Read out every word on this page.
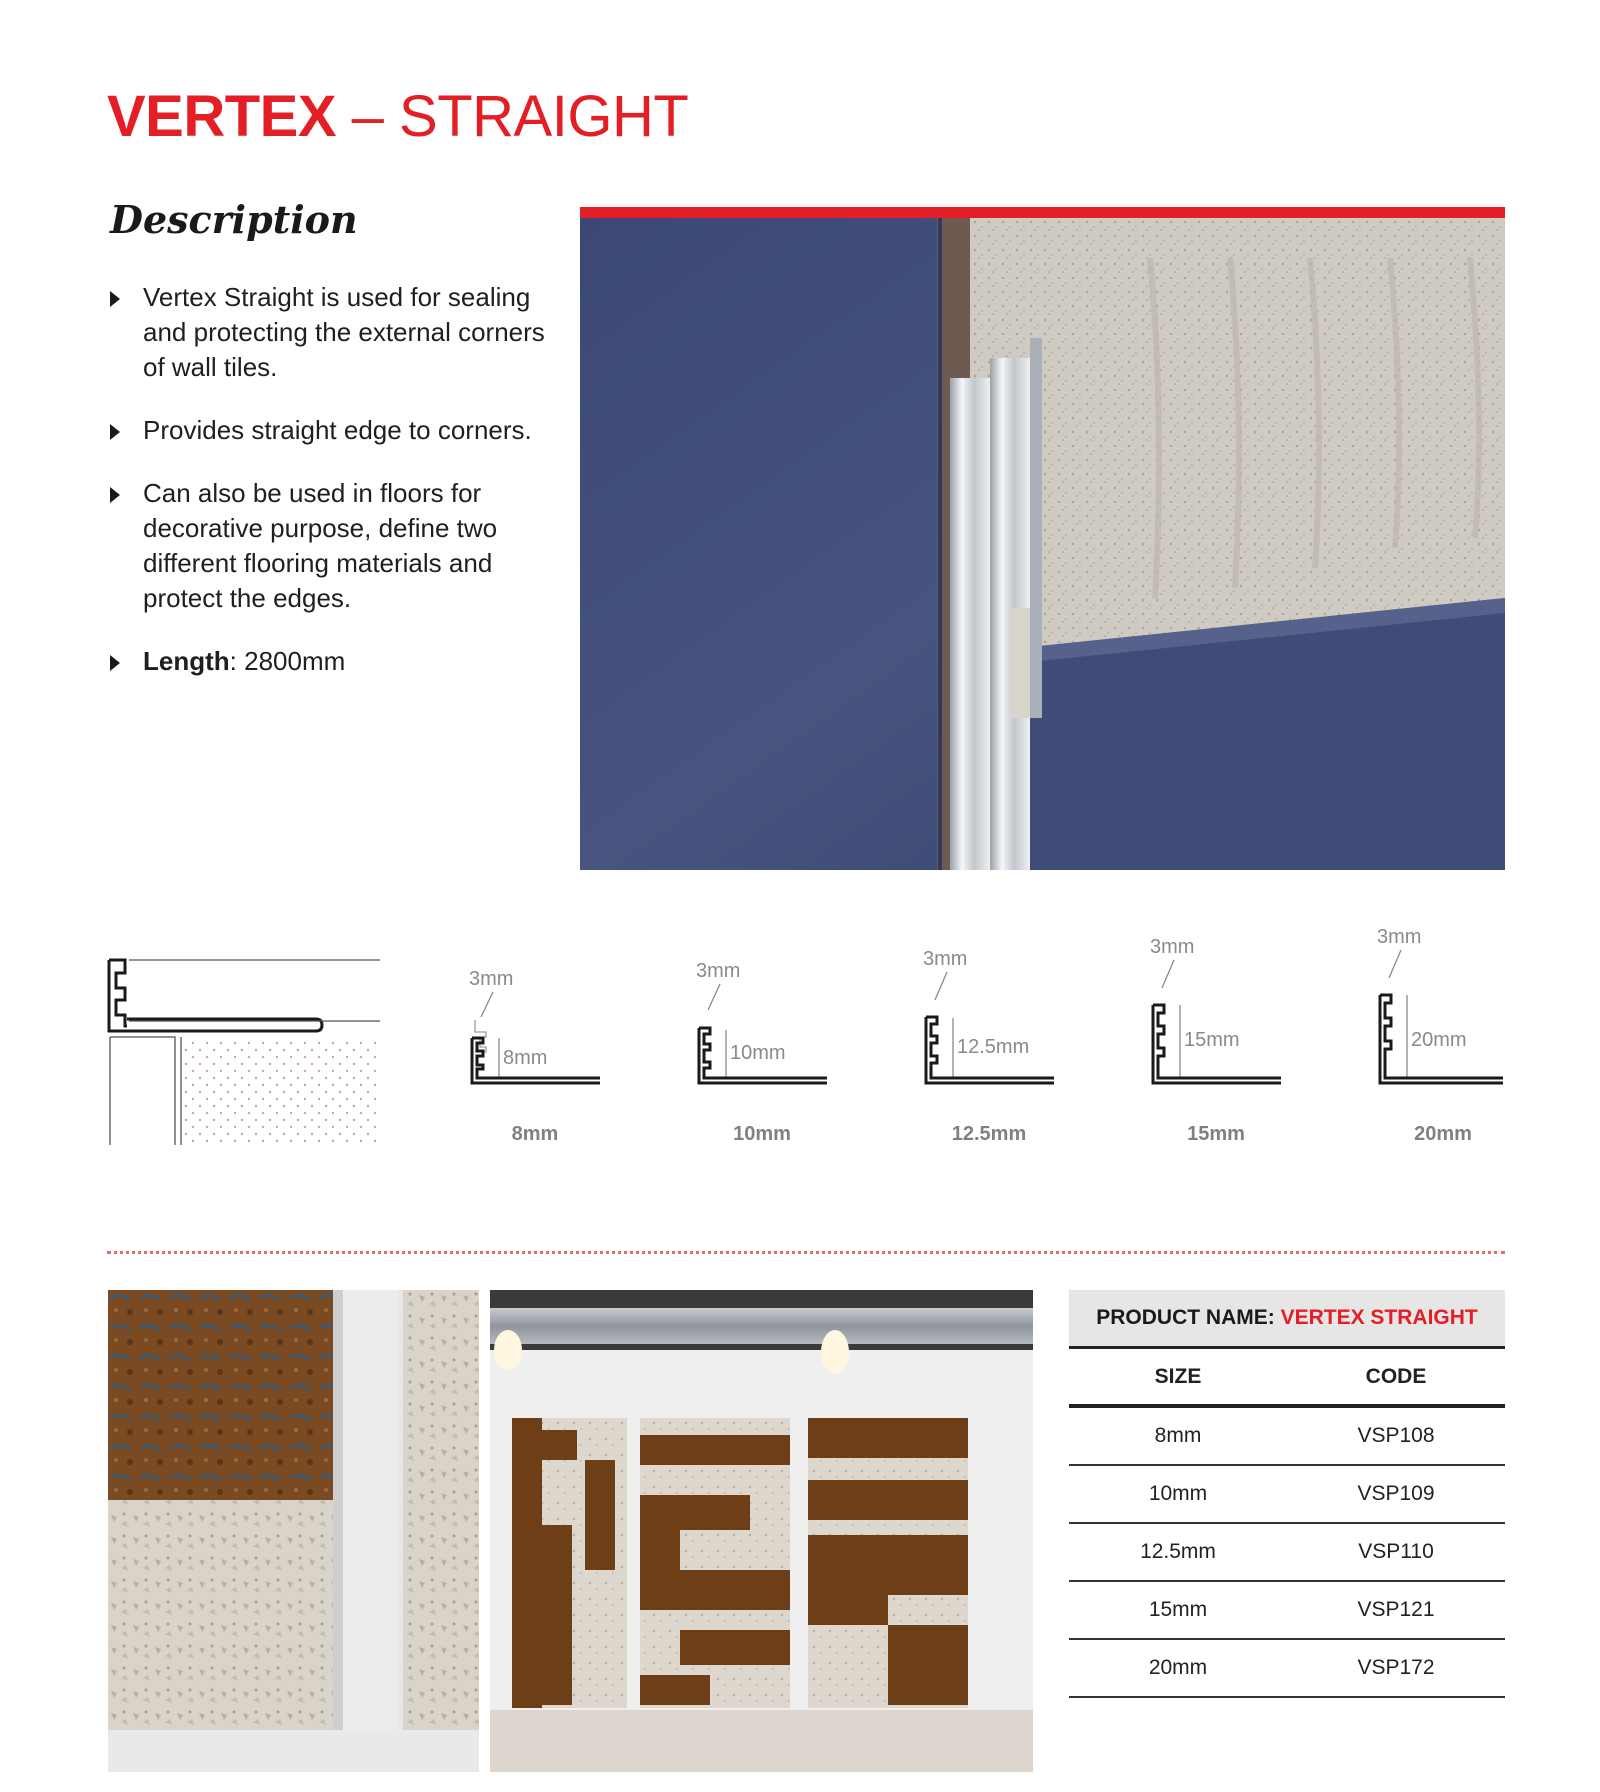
VERTEX – STRAIGHT
Description
Vertex Straight is used for sealing and protecting the external corners of wall tiles.
Provides straight edge to corners.
Can also be used in floors for decorative purpose, define two different flooring materials and protect the edges.
Length: 2800mm
3mm
8mm
8mm
3mm
10mm
10mm
3mm
12.5mm
12.5mm
3mm
15mm
15mm
3mm
20mm
20mm
PRODUCT NAME: VERTEX STRAIGHT
SIZE	CODE
8mm	VSP108
10mm	VSP109
12.5mm	VSP110
15mm	VSP121
20mm	VSP172
